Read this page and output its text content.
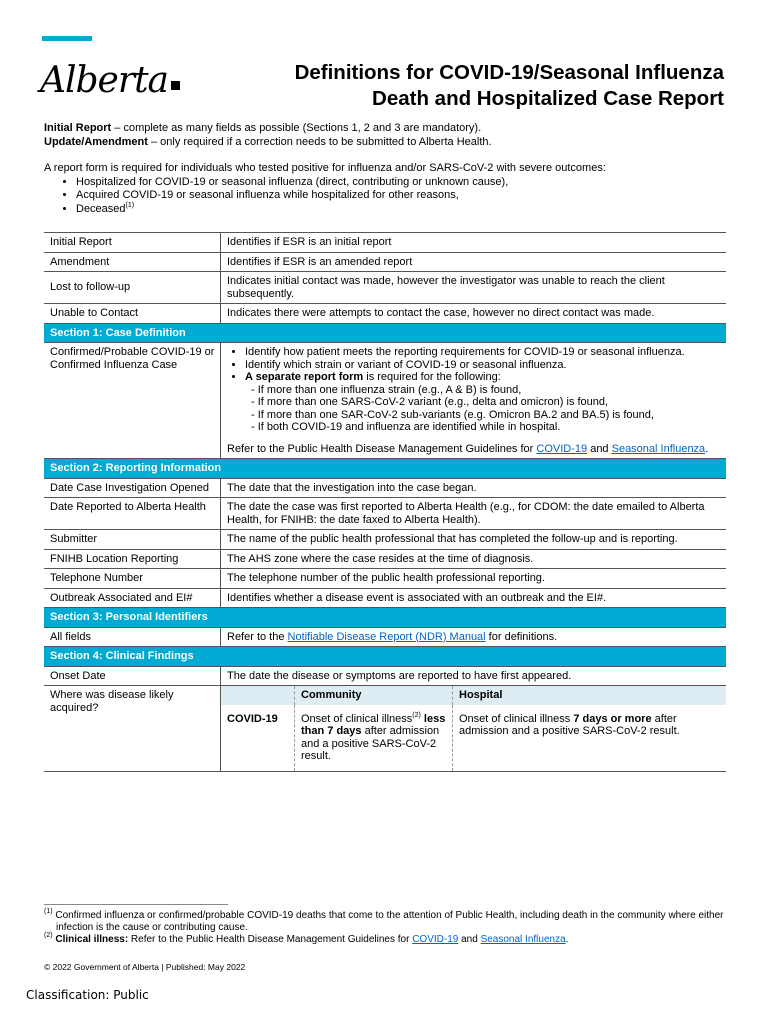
Alberta	Definitions for COVID-19/Seasonal Influenza
Death and Hospitalized Case Report

Initial Report – complete as many fields as possible (Sections 1, 2 and 3 are mandatory).

Update/Amendment – only required if a correction needs to be submitted to Alberta Health.

A report form is required for individuals who tested positive for influenza and/or SARS-CoV-2 with severe outcomes:

• Hospitalized for COVID-19 or seasonal influenza (direct, contributing or unknown cause),
• Acquired COVID-19 or seasonal influenza while hospitalized for other reasons,
• Deceased$^{(1)}$
Initial Report	Identifies if ESR is an initial report
Amendment	Identifies if ESR is an amended report
Lost to follow-up	Indicates initial contact was made, however the investigator was unable to reach the client subsequently.
Unable to Contact	Indicates there were attempts to contact the case, however no direct contact was made.
Section 1: Case Definition
Confirmed/Probable COVID-19 or Confirmed Influenza Case	
• Identify how patient meets the reporting requirements for COVID-19 or seasonal influenza.
• Identify which strain or variant of COVID-19 or seasonal influenza.
• A separate report form is required for the following:
- If more than one influenza strain (e.g., A & B) is found,
- If more than one SARS-CoV-2 variant (e.g., delta and omicron) is found,
- If more than one SAR-CoV-2 sub-variants (e.g. Omicron BA.2 and BA.5) is found,
- If both COVID-19 and influenza are identified while in hospital.

Refer to the Public Health Disease Management Guidelines for COVID-19 and Seasonal Influenza.

Section 2: Reporting Information
Date Case Investigation Opened	The date that the investigation into the case began.
Date Reported to Alberta Health	The date the case was first reported to Alberta Health (e.g., for CDOM: the date emailed to Alberta Health, for FNIHB: the date faxed to Alberta Health).
Submitter	The name of the public health professional that has completed the follow-up and is reporting.
FNIHB Location Reporting	The AHS zone where the case resides at the time of diagnosis.
Telephone Number	The telephone number of the public health professional reporting.
Outbreak Associated and EI#	Identifies whether a disease event is associated with an outbreak and the EI#.
Section 3: Personal Identifiers
All fields	Refer to the Notifiable Disease Report (NDR) Manual for definitions.
Section 4: Clinical Findings
Onset Date	The date the disease or symptoms are reported to have first appeared.
Where was disease likely acquired?	
	Community	Hospital
COVID-19	Onset of clinical illness$^{(2)}$ less than 7 days after admission and a positive SARS-CoV-2 result.	Onset of clinical illness 7 days or more after admission and a positive SARS-CoV-2 result.

$^{(1)}$ Confirmed influenza or confirmed/probable COVID-19 deaths that come to the attention of Public Health, including death in the community where either infection is the cause or contributing cause.

$^{(2)}$ Clinical illness: Refer to the Public Health Disease Management Guidelines for COVID-19 and Seasonal Influenza.

© 2022 Government of Alberta | Published: May 2022
Classification: Public
